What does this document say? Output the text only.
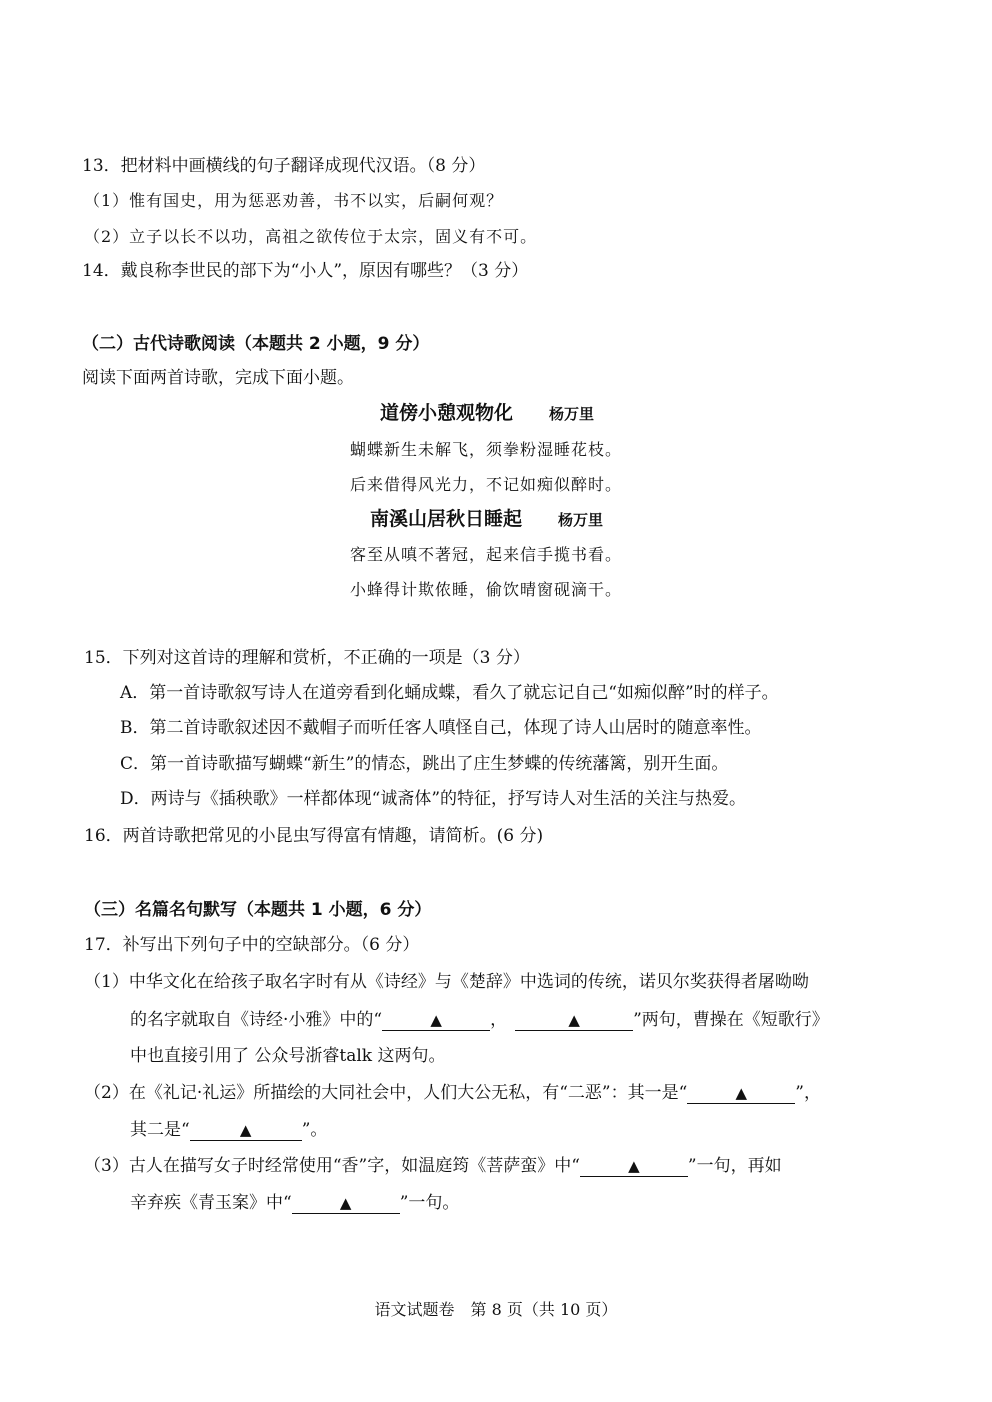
13．把材料中画横线的句子翻译成现代汉语。（8 分）
（1）惟有国史，用为惩恶劝善，书不以实，后嗣何观？
（2）立子以长不以功，高祖之欲传位于太宗，固义有不可。
14．戴良称李世民的部下为“小人”，原因有哪些？（3 分）
（二）古代诗歌阅读（本题共 2 小题，9 分）
阅读下面两首诗歌，完成下面小题。
道傍小憩观物化 杨万里
蝴蝶新生未解飞，须拳粉湿睡花枝。
后来借得风光力，不记如痴似醉时。
南溪山居秋日睡起 杨万里
客至从嗔不著冠，起来信手揽书看。
小蜂得计欺侬睡，偷饮晴窗砚滴干。
15．下列对这首诗的理解和赏析，不正确的一项是（3 分）
A．第一首诗歌叙写诗人在道旁看到化蛹成蝶，看久了就忘记自己“如痴似醉”时的样子。
B．第二首诗歌叙述因不戴帽子而听任客人嗔怪自己，体现了诗人山居时的随意率性。
C．第一首诗歌描写蝴蝶“新生”的情态，跳出了庄生梦蝶的传统藩篱，别开生面。
D．两诗与《插秧歌》一样都体现“诚斋体”的特征，抒写诗人对生活的关注与热爱。
16．两首诗歌把常见的小昆虫写得富有情趣，请简析。(6 分)
（三）名篇名句默写（本题共 1 小题，6 分）
17．补写出下列句子中的空缺部分。（6 分）
（1）中华文化在给孩子取名字时有从《诗经》与《楚辞》中选词的传统，诺贝尔奖获得者屠呦呦
的名字就取自《诗经·小雅》中的“	▲	，	▲	”两句，曹操在《短歌行》
中也直接引用了 公众号浙睿talk 这两句。
（2）在《礼记·礼运》所描绘的大同社会中，人们大公无私，有“二恶”：其一是“	▲	”，
其二是“	▲	”。
（3）古人在描写女子时经常使用“香”字，如温庭筠《菩萨蛮》中“	▲	”一句，再如
辛弃疾《青玉案》中“	▲	”一句。
语文试题卷　第 8 页（共 10 页）
